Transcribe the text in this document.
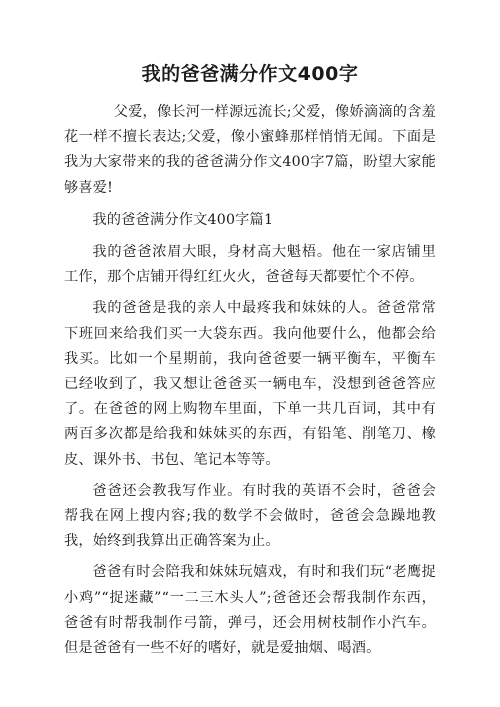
我的爸爸满分作文400字

父爱，像长河一样源远流长;父爱，像娇滴滴的含羞花一样不擅长表达;父爱，像小蜜蜂那样悄悄无闻。下面是我为大家带来的我的爸爸满分作文400字7篇，盼望大家能够喜爱!

我的爸爸满分作文400字篇1

我的爸爸浓眉大眼，身材高大魁梧。他在一家店铺里工作，那个店铺开得红红火火，爸爸每天都要忙个不停。

我的爸爸是我的亲人中最疼我和妹妹的人。爸爸常常下班回来给我们买一大袋东西。我向他要什么，他都会给我买。比如一个星期前，我向爸爸要一辆平衡车，平衡车已经收到了，我又想让爸爸买一辆电车，没想到爸爸答应了。在爸爸的网上购物车里面，下单一共几百词，其中有两百多次都是给我和妹妹买的东西，有铅笔、削笔刀、橡皮、课外书、书包、笔记本等等。

爸爸还会教我写作业。有时我的英语不会时，爸爸会帮我在网上搜内容;我的数学不会做时，爸爸会急躁地教我，始终到我算出正确答案为止。

爸爸有时会陪我和妹妹玩嬉戏，有时和我们玩“老鹰捉小鸡”“捉迷藏”“一二三木头人”;爸爸还会帮我制作东西，爸爸有时帮我制作弓箭，弹弓，还会用树枝制作小汽车。但是爸爸有一些不好的嗜好，就是爱抽烟、喝酒。
